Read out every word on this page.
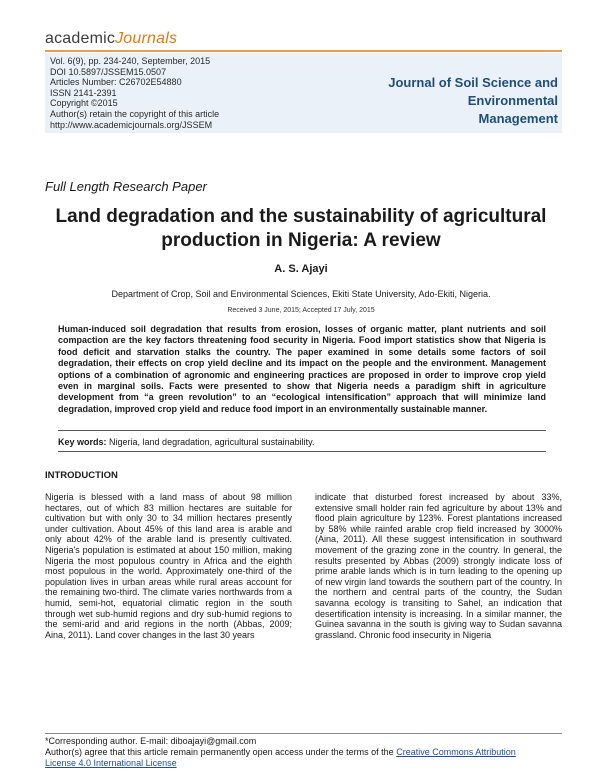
academicJournals
Vol. 6(9), pp. 234-240, September, 2015
DOI 10.5897/JSSEM15.0507
Articles Number: C26702E54880
ISSN 2141-2391
Copyright ©2015
Author(s) retain the copyright of this article
http://www.academicjournals.org/JSSEM
Journal of Soil Science and Environmental
Management
Full Length Research Paper
Land degradation and the sustainability of agricultural
production in Nigeria: A review
A. S. Ajayi
Department of Crop, Soil and Environmental Sciences, Ekiti State University, Ado-Ekiti, Nigeria.
Received 3 June, 2015; Accepted 17 July, 2015
Human-induced soil degradation that results from erosion, losses of organic matter, plant nutrients and soil compaction are the key factors threatening food security in Nigeria. Food import statistics show that Nigeria is food deficit and starvation stalks the country. The paper examined in some details some factors of soil degradation, their effects on crop yield decline and its impact on the people and the environment. Management options of a combination of agronomic and engineering practices are proposed in order to improve crop yield even in marginal soils. Facts were presented to show that Nigeria needs a paradigm shift in agriculture development from “a green revolution” to an “ecological intensification” approach that will minimize land degradation, improved crop yield and reduce food import in an environmentally sustainable manner.
Key words: Nigeria, land degradation, agricultural sustainability.
INTRODUCTION
Nigeria is blessed with a land mass of about 98 million hectares, out of which 83 million hectares are suitable for cultivation but with only 30 to 34 million hectares presently under cultivation. About 45% of this land area is arable and only about 42% of the arable land is presently cultivated. Nigeria's population is estimated at about 150 million, making Nigeria the most populous country in Africa and the eighth most populous in the world. Approximately one-third of the population lives in urban areas while rural areas account for the remaining two-third. The climate varies northwards from a humid, semi-hot, equatorial climatic region in the south through wet sub-humid regions and dry sub-humid regions to the semi-arid and arid regions in the north (Abbas, 2009; Aina, 2011). Land cover changes in the last 30 years
indicate that disturbed forest increased by about 33%, extensive small holder rain fed agriculture by about 13% and flood plain agriculture by 123%. Forest plantations increased by 58% while rainfed arable crop field increased by 3000% (Aina, 2011). All these suggest intensification in southward movement of the grazing zone in the country. In general, the results presented by Abbas (2009) strongly indicate loss of prime arable lands which is in turn leading to the opening up of new virgin land towards the southern part of the country. In the northern and central parts of the country, the Sudan savanna ecology is transiting to Sahel, an indication that desertification intensity is increasing. In a similar manner, the Guinea savanna in the south is giving way to Sudan savanna grassland. Chronic food insecurity in Nigeria
*Corresponding author. E-mail: diboajayi@gmail.com
Author(s) agree that this article remain permanently open access under the terms of the Creative Commons Attribution
License 4.0 International License
